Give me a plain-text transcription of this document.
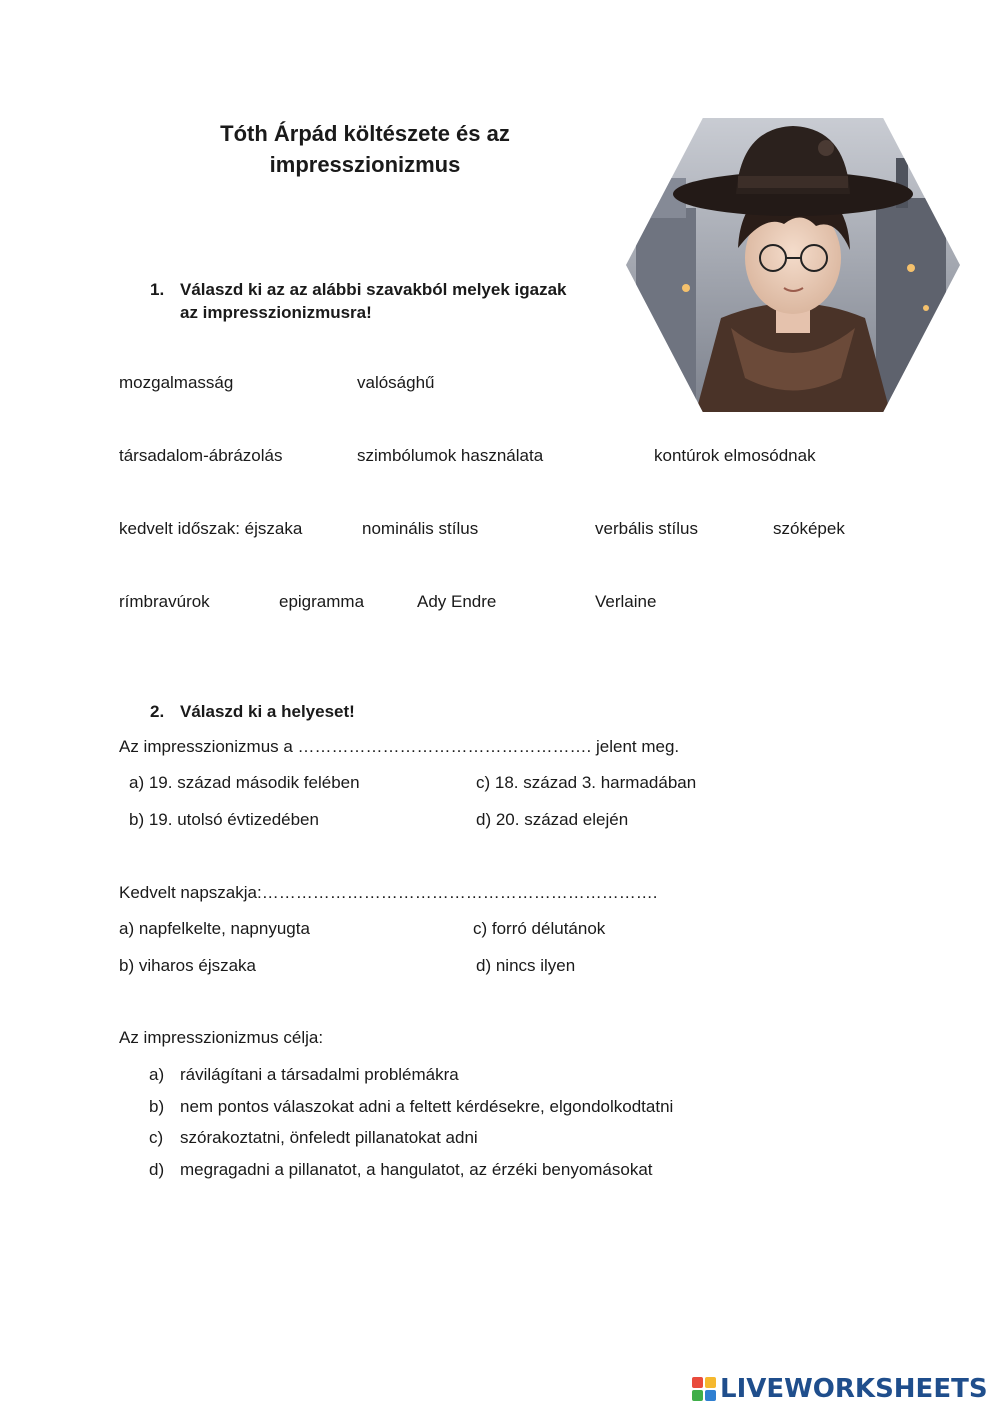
Tóth Árpád költészete és az
impresszionizmus
1. Válaszd ki az az alábbi szavakból melyek igazak
az impresszionizmusra!
mozgalmasság	valósághű
társadalom-ábrázolás	szimbólumok használata	kontúrok elmosódnak
kedvelt időszak: éjszaka	nominális stílus	verbális stílus	szóképek
rímbravúrok	epigramma	Ady Endre	Verlaine
2. Válaszd ki a helyeset!
Az impresszionizmus a ……………………………………………. jelent meg.
a) 19. század második felében	c) 18. század 3. harmadában
b) 19. utolsó évtizedében	d) 20. század elején
Kedvelt napszakja:…………………………………………………………….
a) napfelkelte, napnyugta	c) forró délutánok
b) viharos éjszaka	d) nincs ilyen
Az impresszionizmus célja:
a) rávilágítani a társadalmi problémákra
b) nem pontos válaszokat adni a feltett kérdésekre, elgondolkodtatni
c) szórakoztatni, önfeledt pillanatokat adni
d) megragadni a pillanatot, a hangulatot, az érzéki benyomásokat
LIVEWORKSHEETS
